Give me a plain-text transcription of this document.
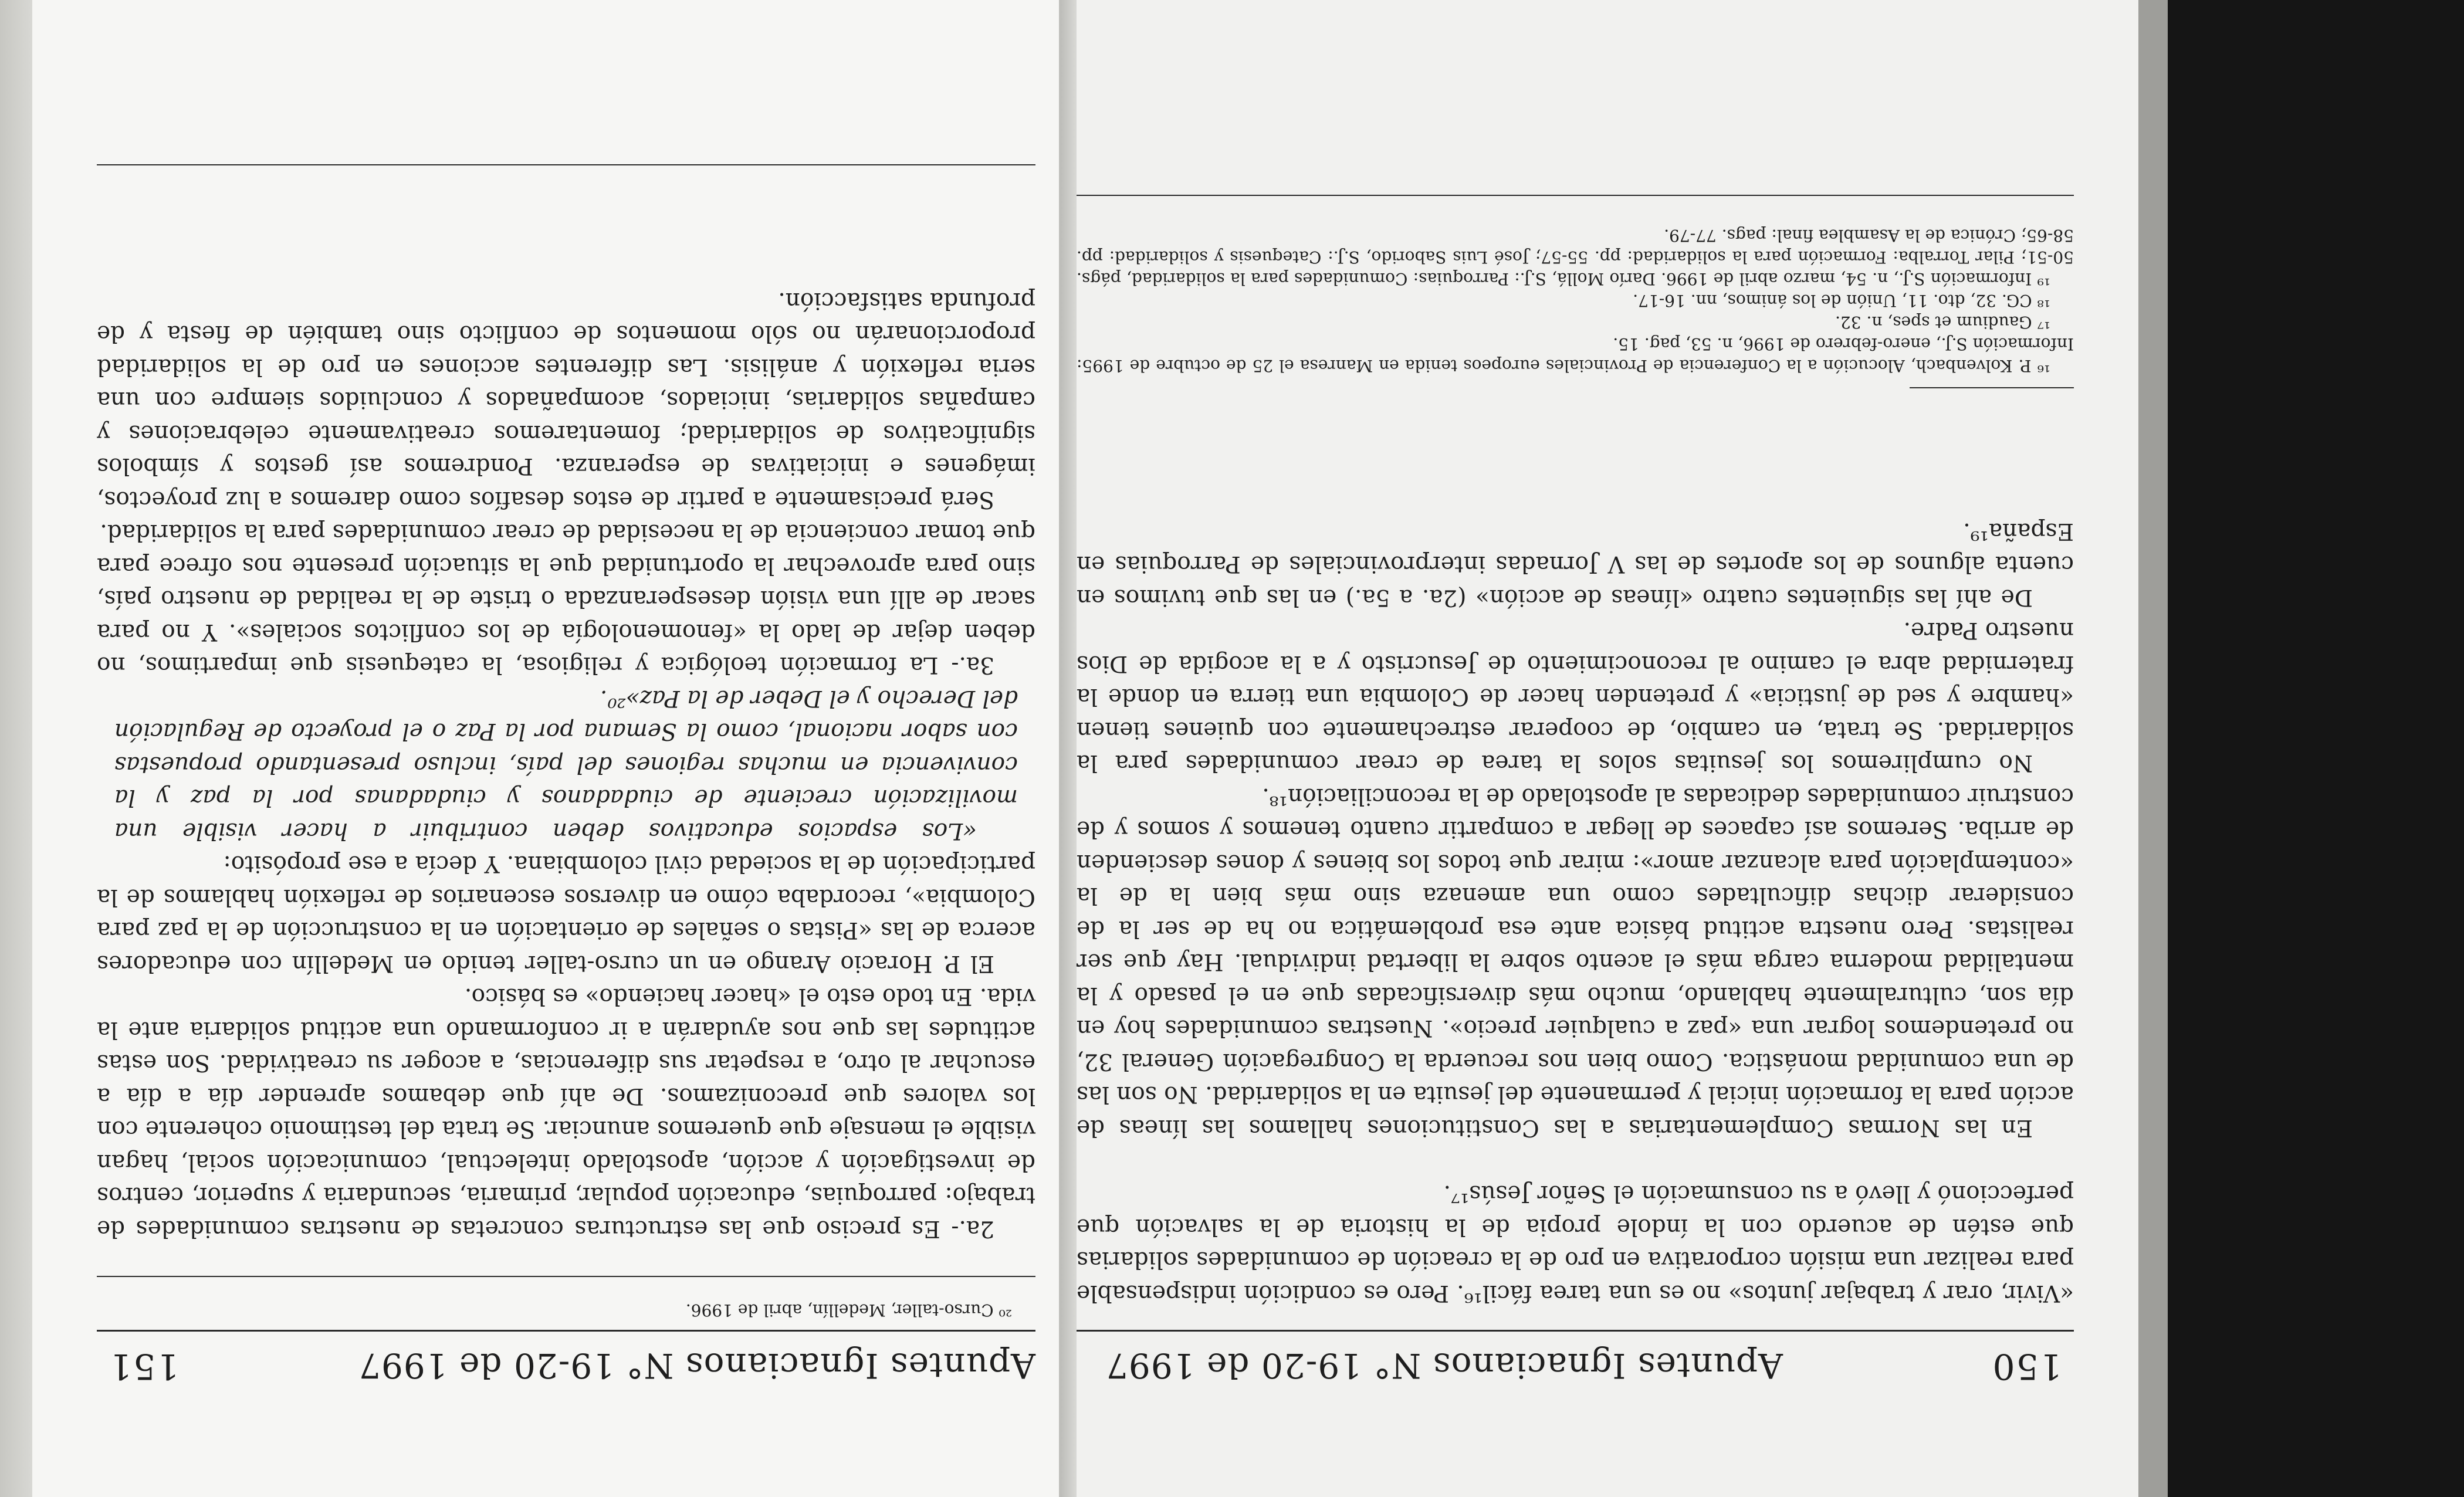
150
Apuntes Ignacianos N° 19-20 de 1997

«Vivir, orar y trabajar juntos» no es una tarea fácil¹⁶. Pero es condición indispensable para realizar una misión corporativa en pro de la creación de comunidades solidarias que estén de acuerdo con la índole propia de la historia de la salvación que perfeccionó y llevó a su consumación el Señor Jesús¹⁷.

En las Normas Complementarias a las Constituciones hallamos las líneas de acción para la formación inicial y permanente del jesuita en la solidaridad. No son las de una comunidad monástica. Como bien nos recuerda la Congregación General 32, no pretendemos lograr una «paz a cualquier precio». Nuestras comunidades hoy en día son, culturalmente hablando, mucho más diversificadas que en el pasado y la mentalidad moderna carga más el acento sobre la libertad individual. Hay que ser realistas. Pero nuestra actitud básica ante esa problemática no ha de ser la de considerar dichas dificultades como una amenaza sino más bien la de la «contemplación para alcanzar amor»: mirar que todos los bienes y dones descienden de arriba. Seremos así capaces de llegar a compartir cuanto tenemos y somos y de construir comunidades dedicadas al apostolado de la reconciliación¹⁸.

No cumpliremos los jesuitas solos la tarea de crear comunidades para la solidaridad. Se trata, en cambio, de cooperar estrechamente con quienes tienen «hambre y sed de justicia» y pretenden hacer de Colombia una tierra en donde la fraternidad abra el camino al reconocimiento de Jesucristo y a la acogida de Dios nuestro Padre.

De ahí las siguientes cuatro «líneas de acción» (2a. a 5a.) en las que tuvimos en cuenta algunos de los aportes de las V Jornadas interprovinciales de Parroquias en España¹⁹.

¹⁶ P. Kolvenbach, Alocución a la Conferencia de Provinciales europeos tenida en Manresa el 25 de octubre de 1995: Información S.J., enero-febrero de 1996, n. 53, pag. 15.

¹⁷ Gaudium et spes, n. 32.

¹⁸ CG. 32, dto. 11, Unión de los ánimos, nn. 16-17.

¹⁹ Información S.J., n. 54, marzo abril de 1996. Darío Mollá, S.J.: Parroquias: Comunidades para la solidaridad, págs. 50-51; Pilar Torralba: Formación para la solidaridad: pp. 55-57; José Luis Saborido, S.J.: Catequesis y solidaridad: pp. 58-65; Crónica de la Asamblea final: pags. 77-79.

Apuntes Ignacianos N° 19-20 de 1997
151

²⁰ Curso-taller, Medellín, abril de 1996.

2a.- Es preciso que las estructuras concretas de nuestras comunidades de trabajo: parroquias, educación popular, primaria, secundaria y superior, centros de investigación y acción, apostolado intelectual, comunicación social, hagan visible el mensaje que queremos anunciar. Se trata del testimonio coherente con los valores que preconizamos. De ahí que debamos aprender día a día a escuchar al otro, a respetar sus diferencias, a acoger su creatividad. Son estas actitudes las que nos ayudarán a ir conformando una actitud solidaria ante la vida. En todo esto el «hacer haciendo» es básico.

El P. Horacio Arango en un curso-taller tenido en Medellín con educadores acerca de las «Pistas o señales de orientación en la construcción de la paz para Colombia», recordaba cómo en diversos escenarios de reflexión hablamos de la participación de la sociedad civil colombiana. Y decía a ese propósito:

«Los espacios educativos deben contribuir a hacer visible una movilización creciente de ciudadanos y ciudadanas por la paz y la convivencia en muchas regiones del país, incluso presentando propuestas con sabor nacional, como la Semana por la Paz o el proyecto de Regulación del Derecho y el Deber de la Paz»²⁰.

3a.- La formación teológica y religiosa, la catequesis que impartimos, no deben dejar de lado la «fenomenología de los conflictos sociales». Y no para sacar de allí una visión desesperanzada o triste de la realidad de nuestro país, sino para aprovechar la oportunidad que la situación presente nos ofrece para que tomar conciencia de la necesidad de crear comunidades para la solidaridad.

Será precisamente a partir de estos desafíos como daremos a luz proyectos, imágenes e iniciativas de esperanza. Pondremos así gestos y símbolos significativos de solidaridad; fomentaremos creativamente celebraciones y campañas solidarias, iniciados, acompañados y concluidos siempre con una seria reflexión y análisis. Las diferentes acciones en pro de la solidaridad proporcionarán no sólo momentos de conflicto sino también de fiesta y de profunda satisfacción.
